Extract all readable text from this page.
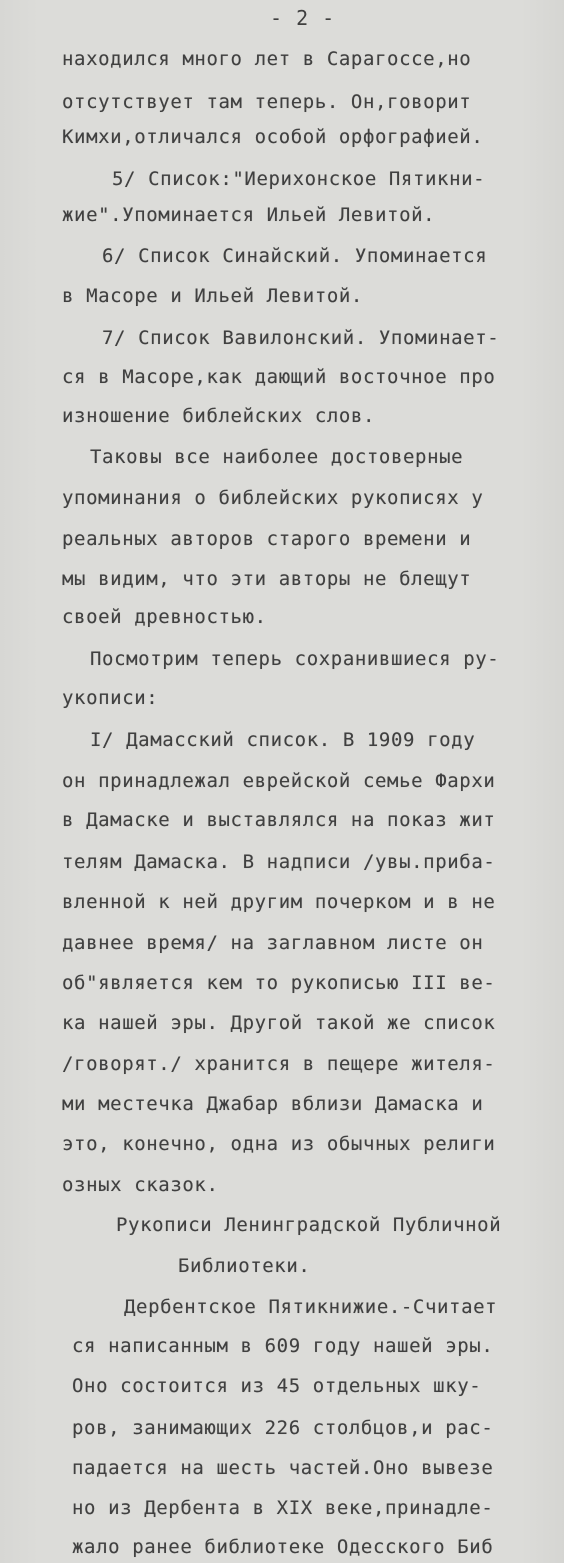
- 2 -
находился много лет в Сарагоссе,но
отсутствует там теперь. Он,говорит
Кимхи,отличался особой орфографией.
5/ Список:"Иерихонское Пятикни-
жие".Упоминается Ильей Левитой.
6/ Список Синайский. Упоминается
в Масоре и Ильей Левитой.
7/ Список Вавилонский. Упоминает-
ся в Масоре,как дающий восточное про
изношение библейских слов.
Таковы все наиболее достоверные
упоминания о библейских рукописях у
реальных авторов старого времени и
мы видим, что эти авторы не блещут
своей древностью.
Посмотрим теперь сохранившиеся ру-
укописи:
I/ Дамасский список. В 1909 году
он принадлежал еврейской семье Фархи
в Дамаске и выставлялся на показ жит
телям Дамаска. В надписи /увы.приба-
вленной к ней другим почерком и в не
давнее время/ на заглавном листе он
об"является кем то рукописью III ве-
ка нашей эры. Другой такой же список
/говорят./ хранится в пещере жителя-
ми местечка Джабар вблизи Дамаска и
это, конечно, одна из обычных религи
озных сказок.
Рукописи Ленинградской Публичной
Библиотеки.
Дербентское Пятикнижие.-Считает
ся написанным в 609 году нашей эры.
Оно состоится из 45 отдельных шку-
ров, занимающих 226 столбцов,и рас-
падается на шесть частей.Оно вывезе
но из Дербента в XIX веке,принадле-
жало ранее библиотеке Одесского Биб
